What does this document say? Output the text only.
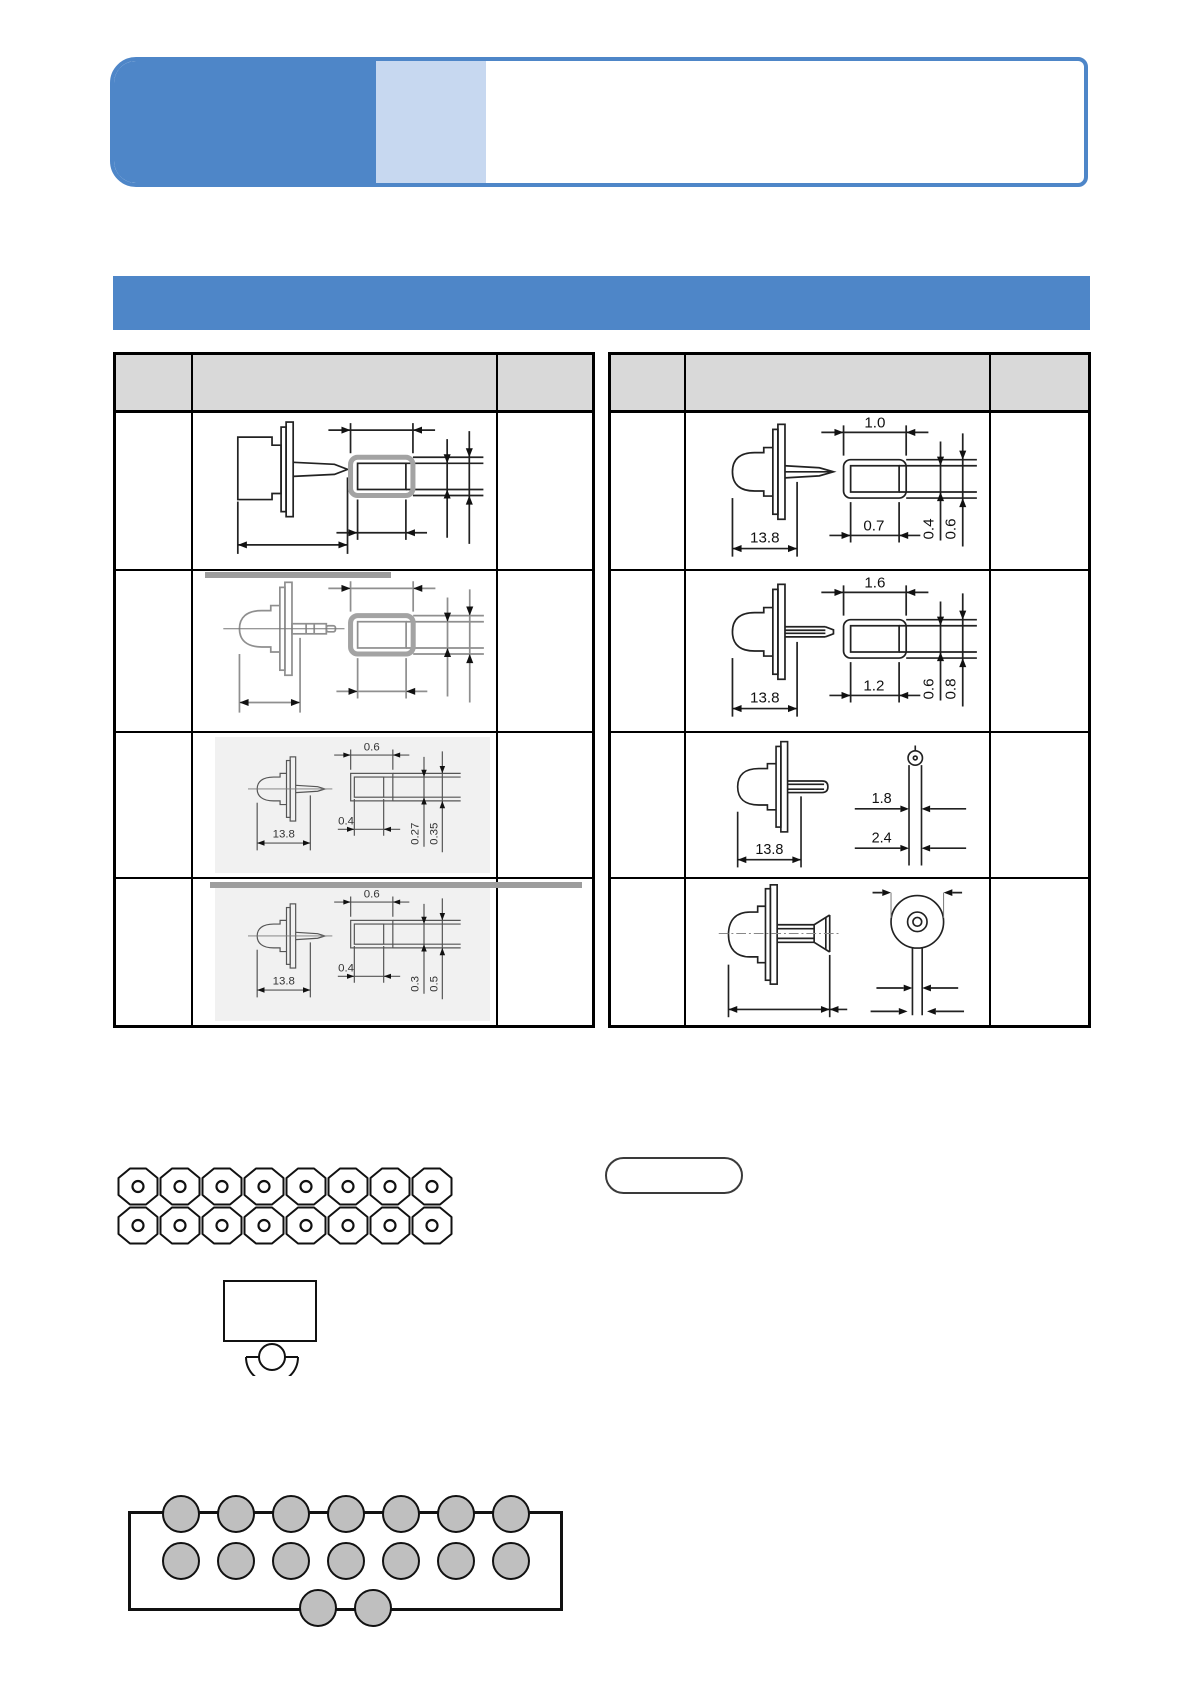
13.8
0.6
0.4
0.27 0.35
13.8
0.6
0.4
0.3 0.5
13.8
1.0
0.7 0.4 0.6
13.8
1.6
1.2 0.6 0.8
13.8
1.8
2.4
